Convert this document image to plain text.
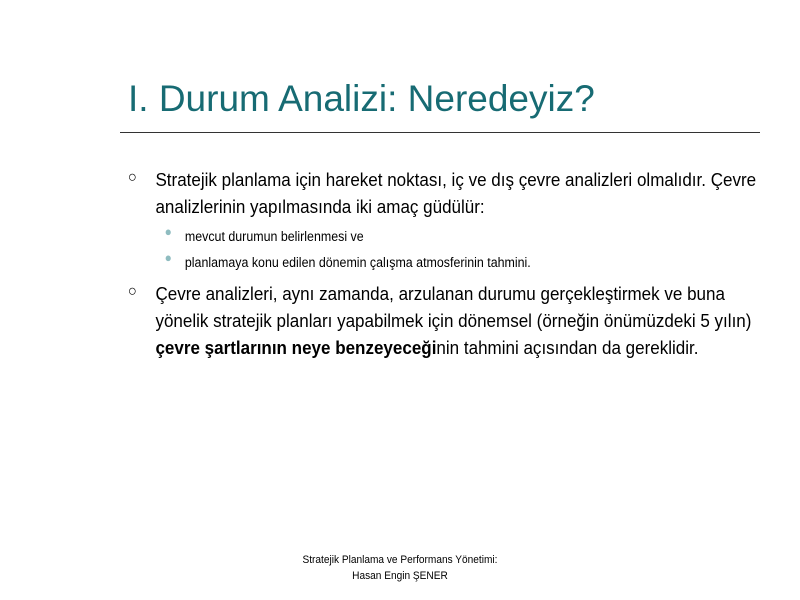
I. Durum Analizi: Neredeyiz?
○ Stratejik planlama için hareket noktası, iç ve dış çevre analizleri olmalıdır. Çevre analizlerinin yapılmasında iki amaç güdülür:
● mevcut durumun belirlenmesi ve
● planlamaya konu edilen dönemin çalışma atmosferinin tahmini.
○ Çevre analizleri, aynı zamanda, arzulanan durumu gerçekleştirmek ve buna yönelik stratejik planları yapabilmek için dönemsel (örneğin önümüzdeki 5 yılın) çevre şartlarının neye benzeyeceğinin tahmini açısından da gereklidir.
Stratejik Planlama ve Performans Yönetimi:
Hasan Engin ŞENER
